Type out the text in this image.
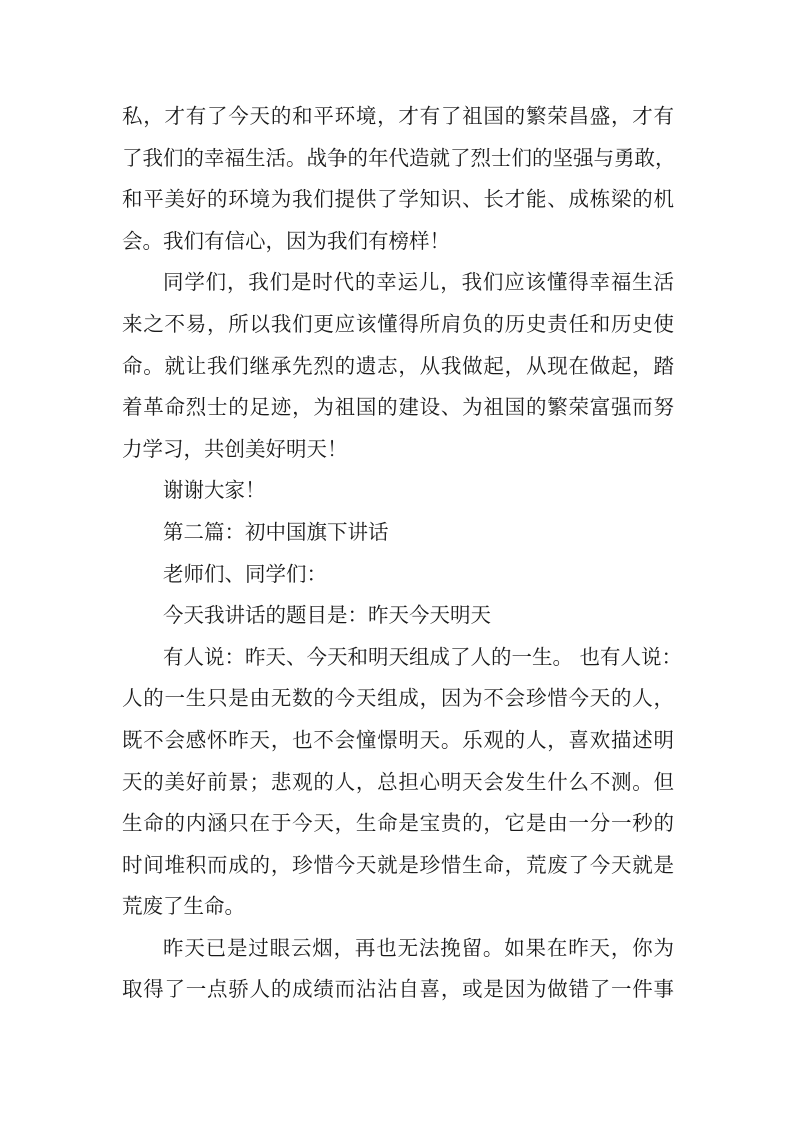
私，才有了今天的和平环境，才有了祖国的繁荣昌盛，才有
了我们的幸福生活。战争的年代造就了烈士们的坚强与勇敢，
和平美好的环境为我们提供了学知识、长才能、成栋梁的机
会。我们有信心，因为我们有榜样！
同学们，我们是时代的幸运儿，我们应该懂得幸福生活
来之不易，所以我们更应该懂得所肩负的历史责任和历史使
命。就让我们继承先烈的遗志，从我做起，从现在做起，踏
着革命烈士的足迹，为祖国的建设、为祖国的繁荣富强而努
力学习，共创美好明天！
谢谢大家！
第二篇：初中国旗下讲话
老师们、同学们：
今天我讲话的题目是：昨天今天明天
有人说：昨天、今天和明天组成了人的一生。 也有人说：
人的一生只是由无数的今天组成，因为不会珍惜今天的人，
既不会感怀昨天，也不会憧憬明天。乐观的人，喜欢描述明
天的美好前景；悲观的人，总担心明天会发生什么不测。但
生命的内涵只在于今天，生命是宝贵的，它是由一分一秒的
时间堆积而成的，珍惜今天就是珍惜生命，荒废了今天就是
荒废了生命。
昨天已是过眼云烟，再也无法挽留。如果在昨天，你为
取得了一点骄人的成绩而沾沾自喜，或是因为做错了一件事
